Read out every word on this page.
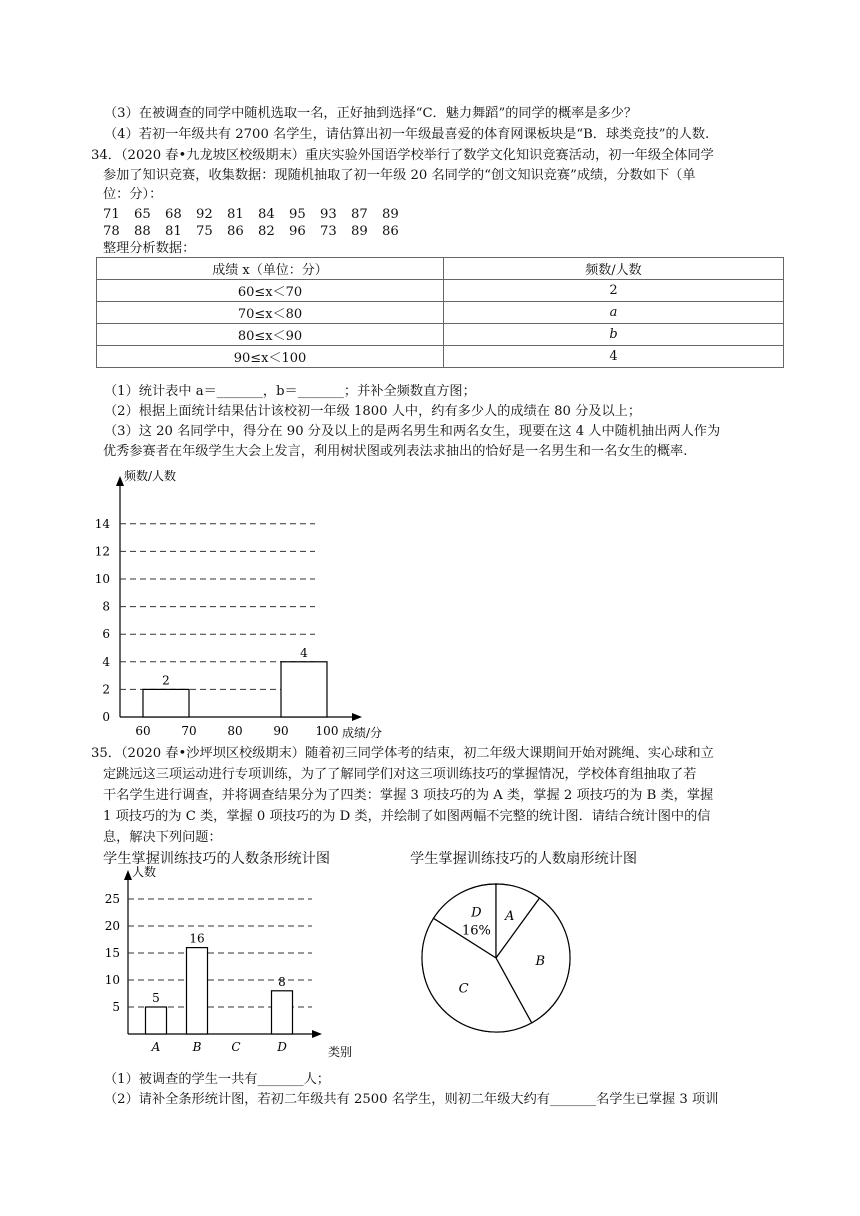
（3）在被调查的同学中随机选取一名，正好抽到选择“C．魅力舞蹈”的同学的概率是多少？
（4）若初一年级共有 2700 名学生，请估算出初一年级最喜爱的体育网课板块是“B．球类竞技”的人数.
34．（2020 春•九龙坡区校级期末）重庆实验外国语学校举行了数学文化知识竞赛活动，初一年级全体同学
参加了知识竞赛，收集数据：现随机抽取了初一年级 20 名同学的“创文知识竞赛”成绩，分数如下（单
位：分）：
71 65 68 92 81 84 95 93 87 89
78 88 81 75 86 82 96 73 89 86
整理分析数据：
成绩 x（单位：分）	频数/人数
60≤x＜70	2
70≤x＜80	a
80≤x＜90	b
90≤x＜100	4
（1）统计表中 a＝_______，b＝_______；并补全频数直方图；
（2）根据上面统计结果估计该校初一年级 1800 人中，约有多少人的成绩在 80 分及以上；
（3）这 20 名同学中，得分在 90 分及以上的是两名男生和两名女生，现要在这 4 人中随机抽出两人作为
优秀参赛者在年级学生大会上发言，利用树状图或列表法求抽出的恰好是一名男生和一名女生的概率.
频数/人数
成绩/分
0
2
4
6
8
10
12
14
60	70	80	90 100
2
4
35．（2020 春•沙坪坝区校级期末）随着初三同学体考的结束，初二年级大课期间开始对跳绳、实心球和立
定跳远这三项运动进行专项训练，为了了解同学们对这三项训练技巧的掌握情况，学校体育组抽取了若
干名学生进行调查，并将调查结果分为了四类：掌握 3 项技巧的为 A 类，掌握 2 项技巧的为 B 类，掌握
1 项技巧的为 C 类，掌握 0 项技巧的为 D 类，并绘制了如图两幅不完整的统计图．请结合统计图中的信
息，解决下列问题：
学生掌握训练技巧的人数条形统计图	学生掌握训练技巧的人数扇形统计图
人数
类别
5
10
15
20
25
A
5
B
16
C	D
8
D
16%
A
B
C
（1）被调查的学生一共有_______人；
（2）请补全条形统计图，若初二年级共有 2500 名学生，则初二年级大约有_______名学生已掌握 3 项训
